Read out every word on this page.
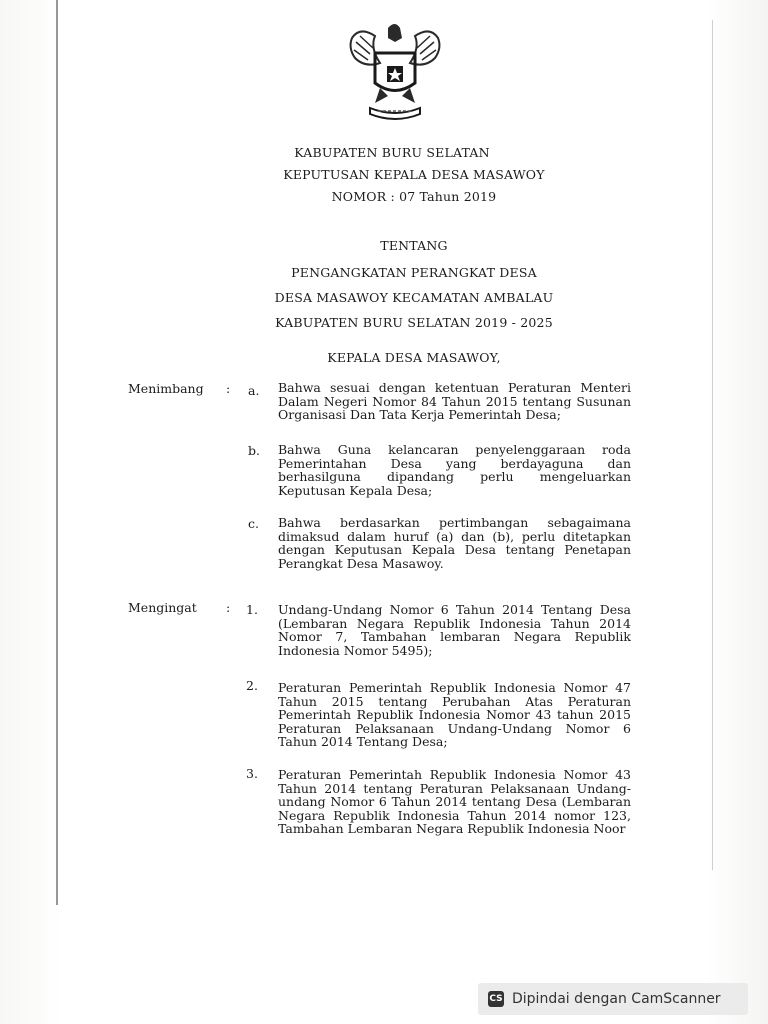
KABUPATEN BURU SELATAN
KEPUTUSAN KEPALA DESA MASAWOY
NOMOR : 07 Tahun 2019
TENTANG
PENGANGKATAN PERANGKAT DESA
DESA MASAWOY KECAMATAN AMBALAU
KABUPATEN BURU SELATAN 2019 - 2025
KEPALA DESA MASAWOY,
Menimbang : a.	Bahwa sesuai dengan ketentuan Peraturan Menteri Dalam Negeri Nomor 84 Tahun 2015 tentang Susunan Organisasi Dan Tata Kerja Pemerintah Desa;
b.	Bahwa Guna kelancaran penyelenggaraan roda Pemerintahan Desa yang berdayaguna dan berhasilguna dipandang perlu mengeluarkan Keputusan Kepala Desa;
c.	Bahwa berdasarkan pertimbangan sebagaimana dimaksud dalam huruf (a) dan (b), perlu ditetapkan dengan Keputusan Kepala Desa tentang Penetapan Perangkat Desa Masawoy.
Mengingat : 1.	Undang-Undang Nomor 6 Tahun 2014 Tentang Desa (Lembaran Negara Republik Indonesia Tahun 2014 Nomor 7, Tambahan lembaran Negara Republik Indonesia Nomor 5495);
2.	Peraturan Pemerintah Republik Indonesia Nomor 47 Tahun 2015 tentang Perubahan Atas Peraturan Pemerintah Republik Indonesia Nomor 43 tahun 2015 Peraturan Pelaksanaan Undang-Undang Nomor 6 Tahun 2014 Tentang Desa;
3.	Peraturan Pemerintah Republik Indonesia Nomor 43 Tahun 2014 tentang Peraturan Pelaksanaan Undang-undang Nomor 6 Tahun 2014 tentang Desa (Lembaran Negara Republik Indonesia Tahun 2014 nomor 123, Tambahan Lembaran Negara Republik Indonesia Noor
CS Dipindai dengan CamScanner
